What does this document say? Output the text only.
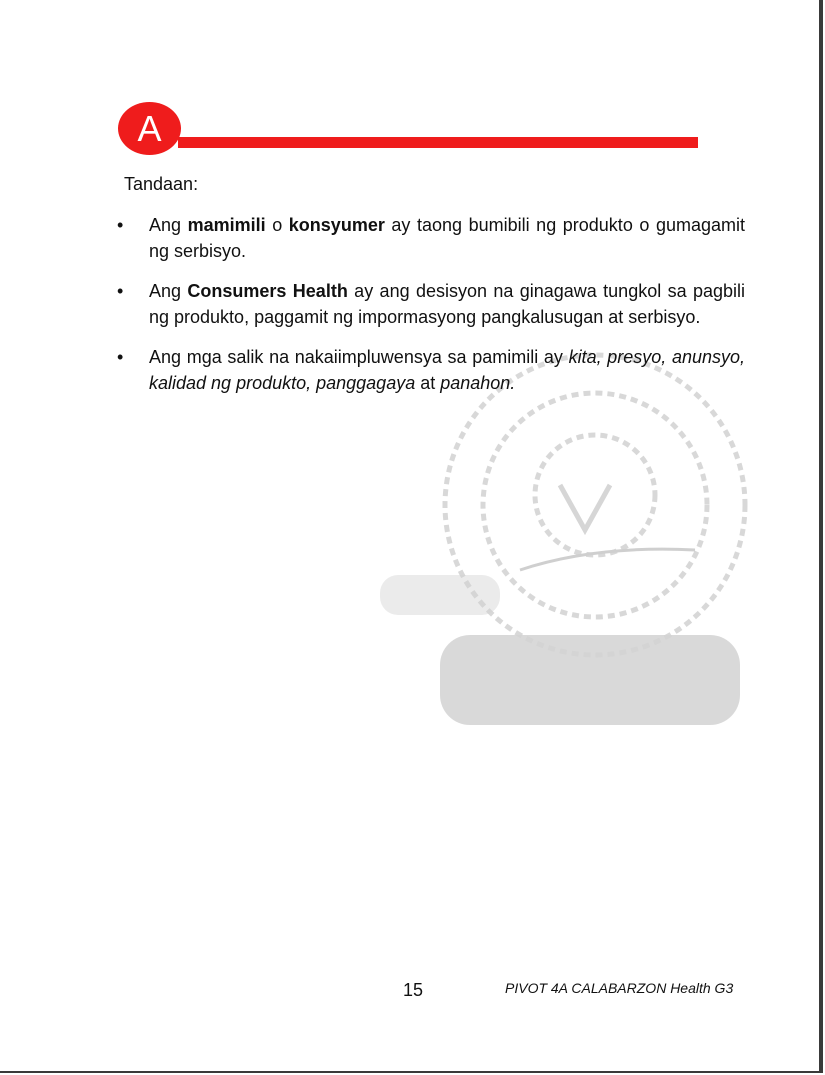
A
Tandaan:
•	Ang mamimili o konsyumer ay taong bumibili ng produkto o gumagamit ng serbisyo.
•	Ang Consumers Health ay ang desisyon na ginagawa tungkol sa pagbili ng produkto, paggamit ng impormasyong pangkalusugan at serbisyo.
•	Ang mga salik na nakaiimpluwensya sa pamimili ay kita, presyo, anunsyo, kalidad ng produkto, panggagaya at panahon.
15	PIVOT 4A CALABARZON Health G3
